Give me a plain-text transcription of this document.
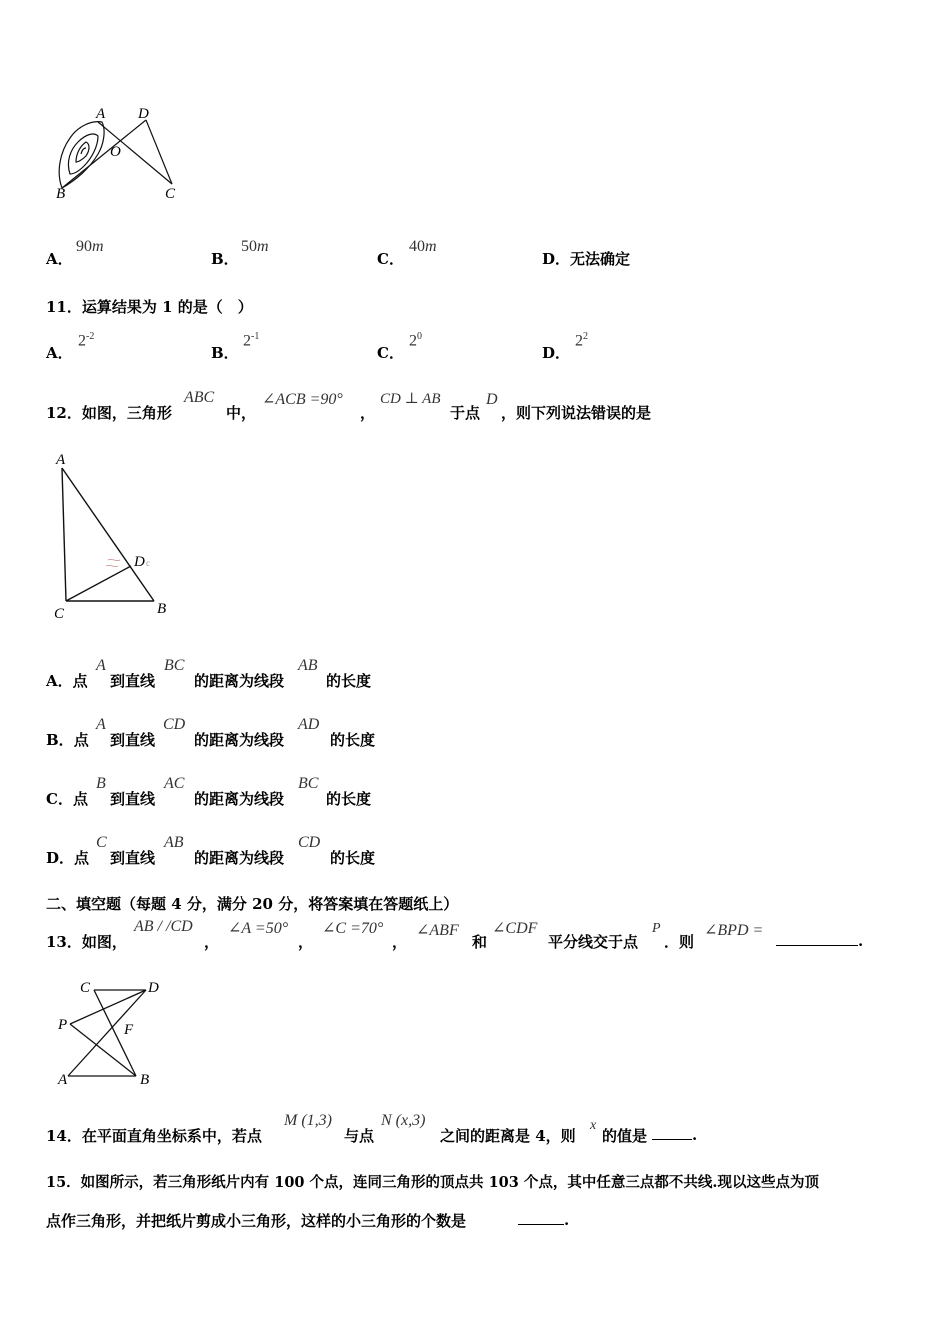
A D
O
B	C
A．
90m
B．
50m
C．
40m
D．无法确定
11．运算结果为 1 的是（　）
A．
$2^{-2}$
B．
$2^{-1}$
C．
$2^0$
D．
$2^2$
12．如图，三角形
ABC
中，
∠ACB =90°
，
CD ⊥ AB
于点
D
，则下列说法错误的是
A
D c
C	B
A．点
A
到直线
BC
的距离为线段
AB
的长度
B．点
A
到直线
CD
的距离为线段
AD
的长度
C．点
B
到直线
AC
的距离为线段
BC
的长度
D．点
C
到直线
AB
的距离为线段
CD
的长度
二、填空题（每题 4 分，满分 20 分，将答案填在答题纸上）
13．如图，
AB / /CD
，
∠A =50°
，
∠C =70°
，
∠ABF
和
∠CDF
平分线交于点
P
．则
∠BPD =
.
C	D
P	F
A	B
14．在平面直角坐标系中，若点
M (1,3)
与点
N (x,3)
之间的距离是 4，则
x
的值是	.
15．如图所示，若三角形纸片内有 100 个点，连同三角形的顶点共 103 个点，其中任意三点都不共线.现以这些点为顶
点作三角形，并把纸片剪成小三角形，这样的小三角形的个数是	.
